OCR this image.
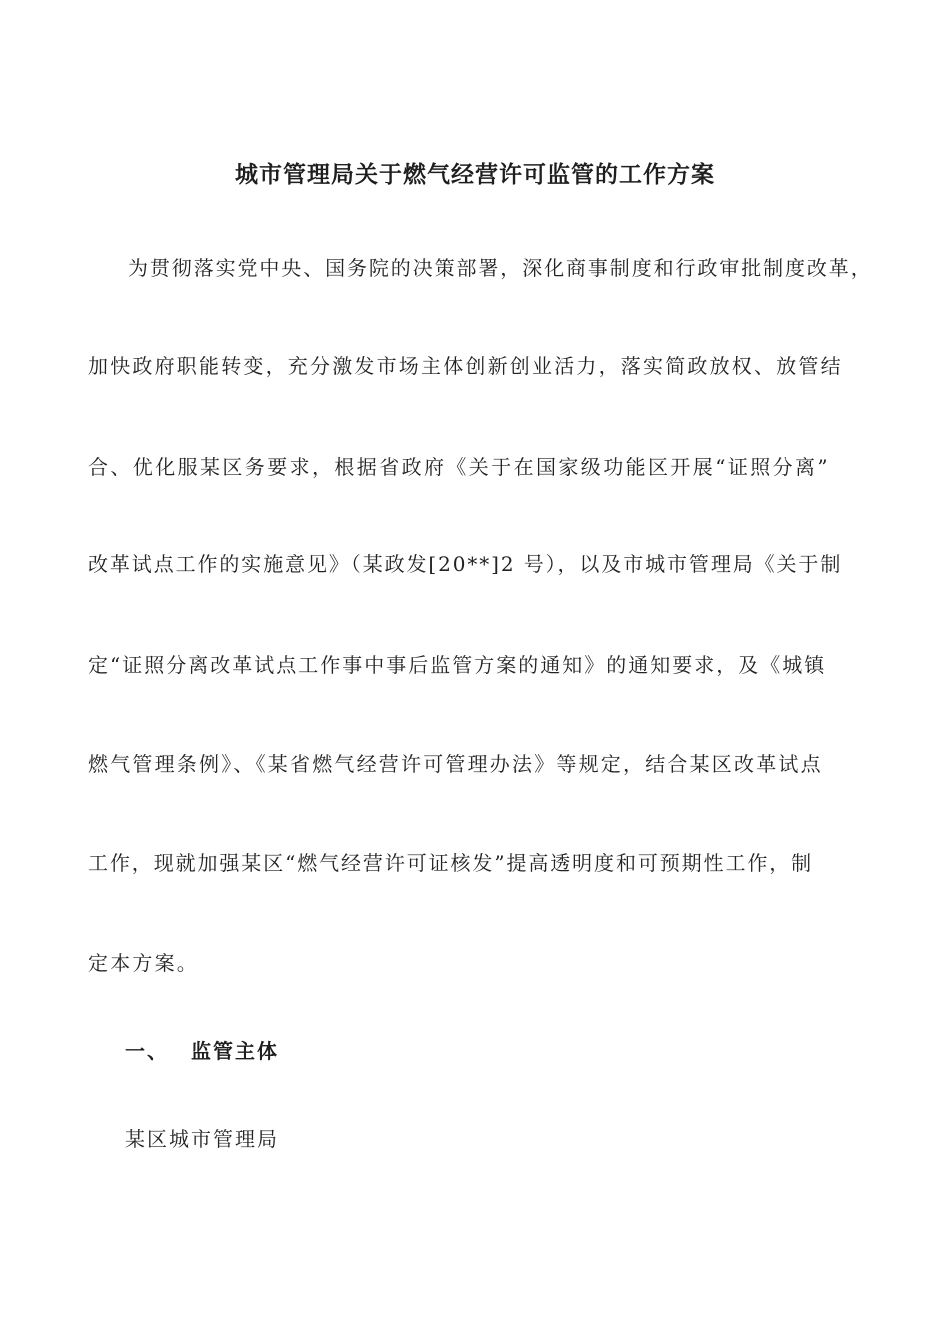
城市管理局关于燃气经营许可监管的工作方案
为贯彻落实党中央、国务院的决策部署，深化商事制度和行政审批制度改革，
加快政府职能转变，充分激发市场主体创新创业活力，落实简政放权、放管结
合、优化服某区务要求，根据省政府《关于在国家级功能区开展“证照分离”
改革试点工作的实施意见》（某政发[20**]2 号），以及市城市管理局《关于制
定“证照分离改革试点工作事中事后监管方案的通知》的通知要求，及《城镇
燃气管理条例》、《某省燃气经营许可管理办法》等规定，结合某区改革试点
工作，现就加强某区“燃气经营许可证核发”提高透明度和可预期性工作，制
定本方案。
一、 监管主体
某区城市管理局
